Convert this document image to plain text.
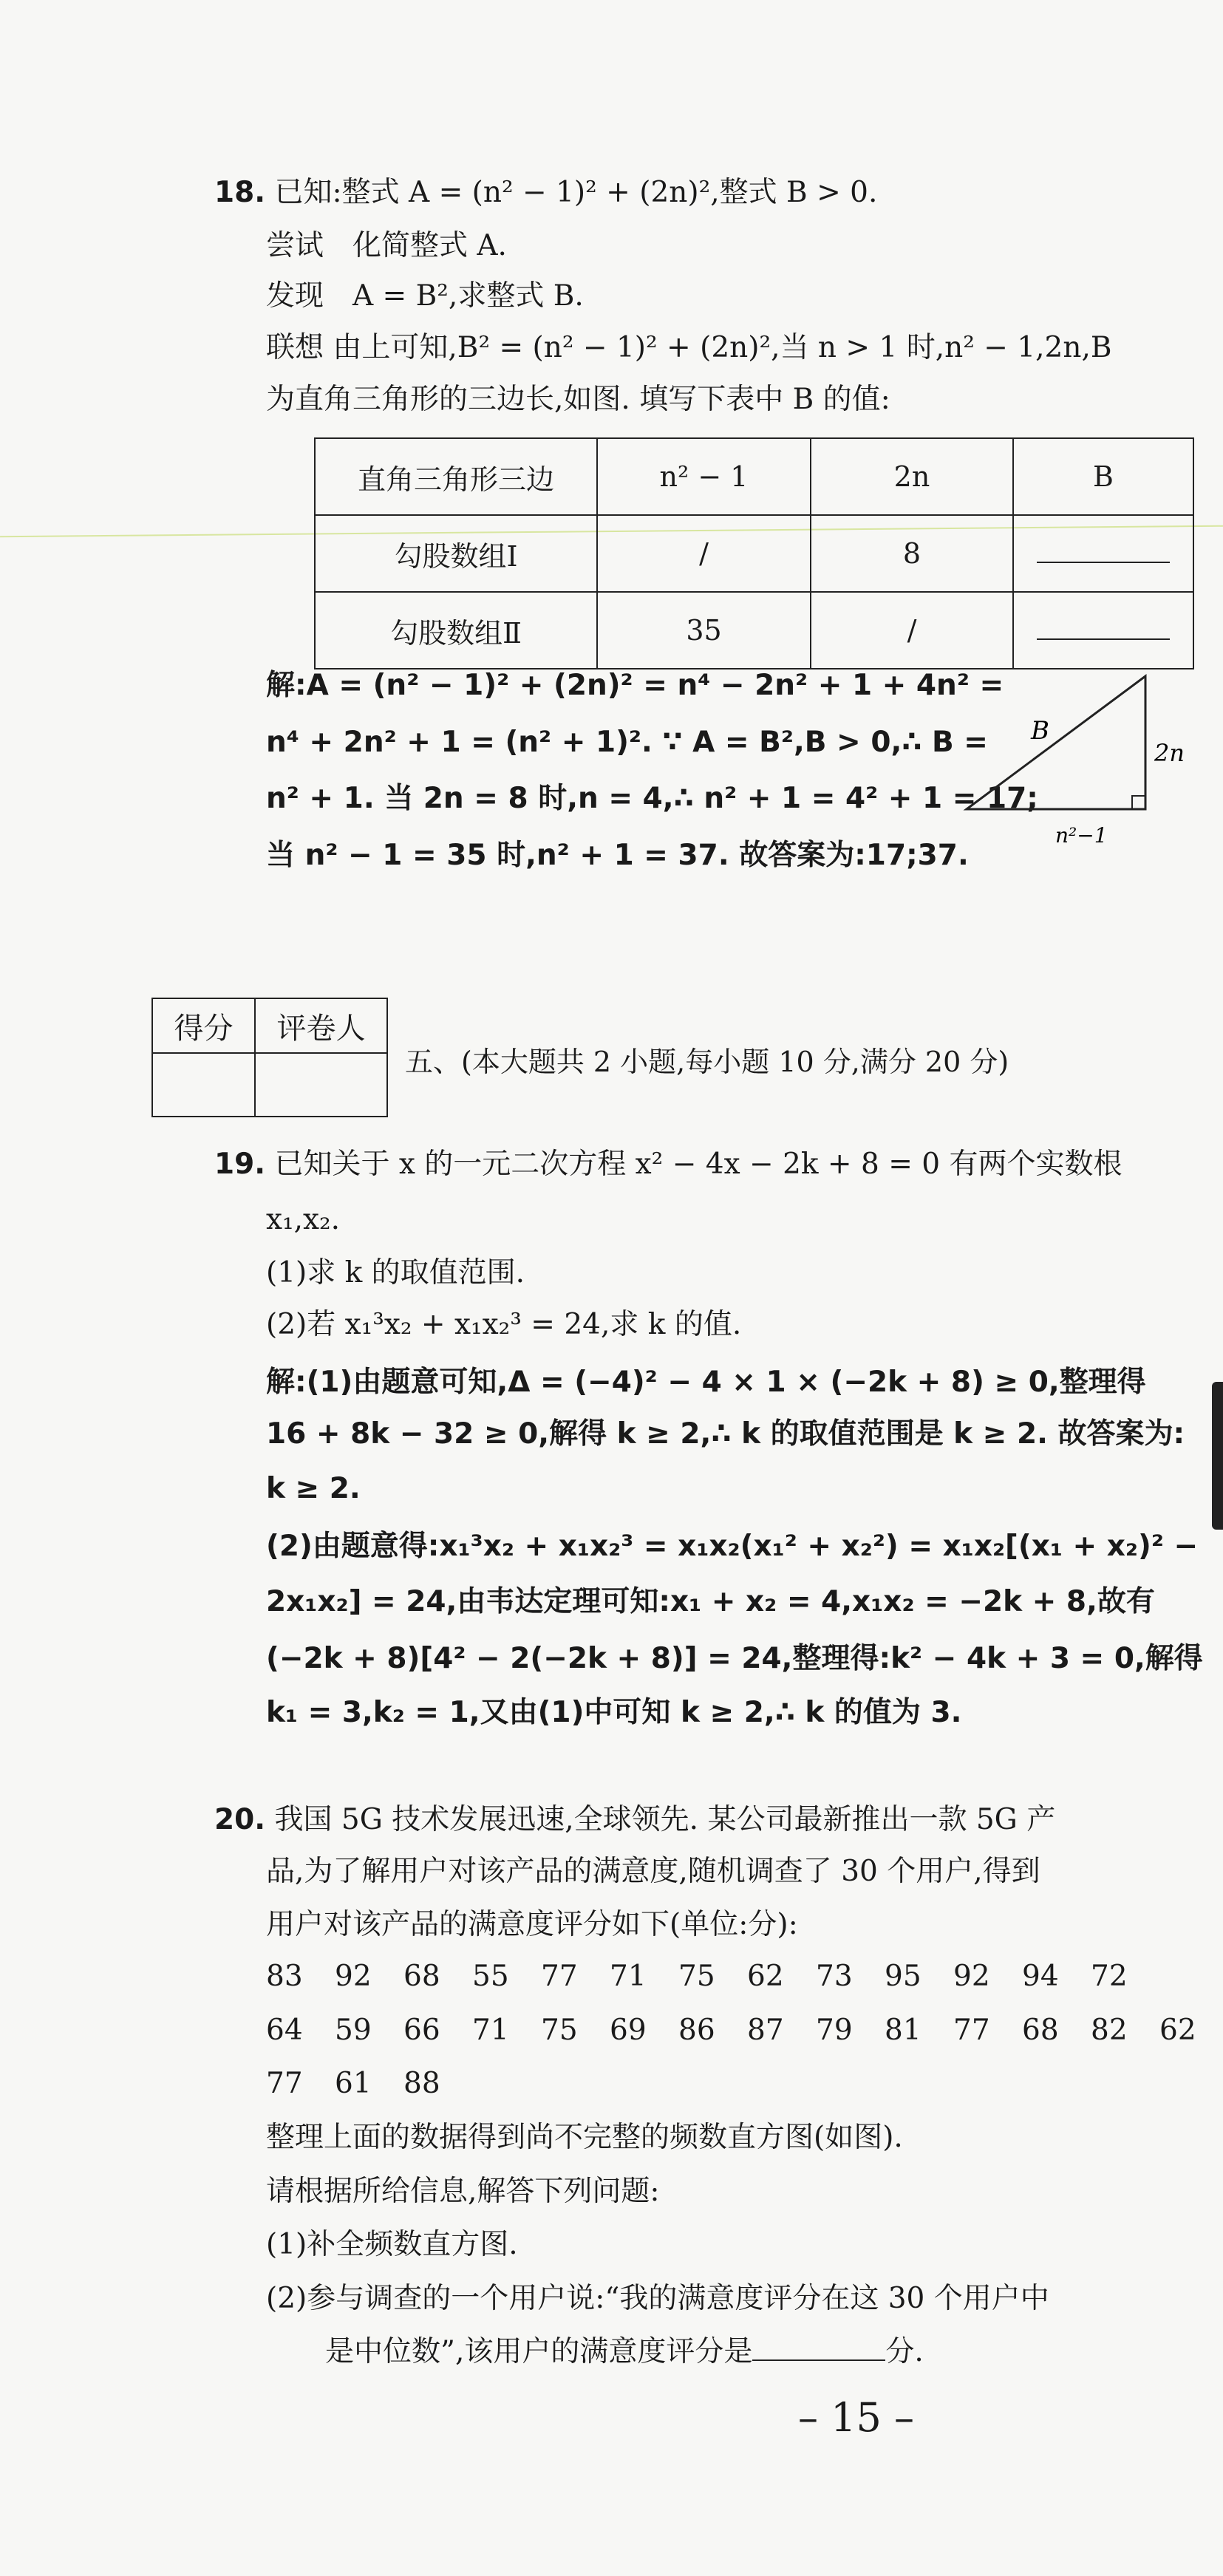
18. 已知:整式 A = (n² − 1)² + (2n)²,整式 B > 0.
尝试　化简整式 A.
发现　A = B²,求整式 B.
联想 由上可知,B² = (n² − 1)² + (2n)²,当 n > 1 时,n² − 1,2n,B
为直角三角形的三边长,如图. 填写下表中 B 的值:
直角三角形三边	n² − 1	2n	B
勾股数组Ⅰ	/	8	
勾股数组Ⅱ	35	/	
解:A = (n² − 1)² + (2n)² = n⁴ − 2n² + 1 + 4n² =
n⁴ + 2n² + 1 = (n² + 1)². ∵ A = B²,B > 0,∴ B =
n² + 1. 当 2n = 8 时,n = 4,∴ n² + 1 = 4² + 1 = 17;
当 n² − 1 = 35 时,n² + 1 = 37. 故答案为:17;37.
B
2n
n²−1
得分	评卷人

五、(本大题共 2 小题,每小题 10 分,满分 20 分)
19. 已知关于 x 的一元二次方程 x² − 4x − 2k + 8 = 0 有两个实数根
x₁,x₂.
(1)求 k 的取值范围.
(2)若 x₁³x₂ + x₁x₂³ = 24,求 k 的值.
解:(1)由题意可知,Δ = (−4)² − 4 × 1 × (−2k + 8) ≥ 0,整理得
16 + 8k − 32 ≥ 0,解得 k ≥ 2,∴ k 的取值范围是 k ≥ 2. 故答案为:
k ≥ 2.
(2)由题意得:x₁³x₂ + x₁x₂³ = x₁x₂(x₁² + x₂²) = x₁x₂[(x₁ + x₂)² −
2x₁x₂] = 24,由韦达定理可知:x₁ + x₂ = 4,x₁x₂ = −2k + 8,故有
(−2k + 8)[4² − 2(−2k + 8)] = 24,整理得:k² − 4k + 3 = 0,解得
k₁ = 3,k₂ = 1,又由(1)中可知 k ≥ 2,∴ k 的值为 3.
20. 我国 5G 技术发展迅速,全球领先. 某公司最新推出一款 5G 产
品,为了解用户对该产品的满意度,随机调查了 30 个用户,得到
用户对该产品的满意度评分如下(单位:分):
83 92 68 55 77 71 75 62 73 95 92 94 72
64 59 66 71 75 69 86 87 79 81 77 68 82 62
77 61 88
整理上面的数据得到尚不完整的频数直方图(如图).
请根据所给信息,解答下列问题:
(1)补全频数直方图.
(2)参与调查的一个用户说:“我的满意度评分在这 30 个用户中
是中位数”,该用户的满意度评分是	分.
– 15 –
